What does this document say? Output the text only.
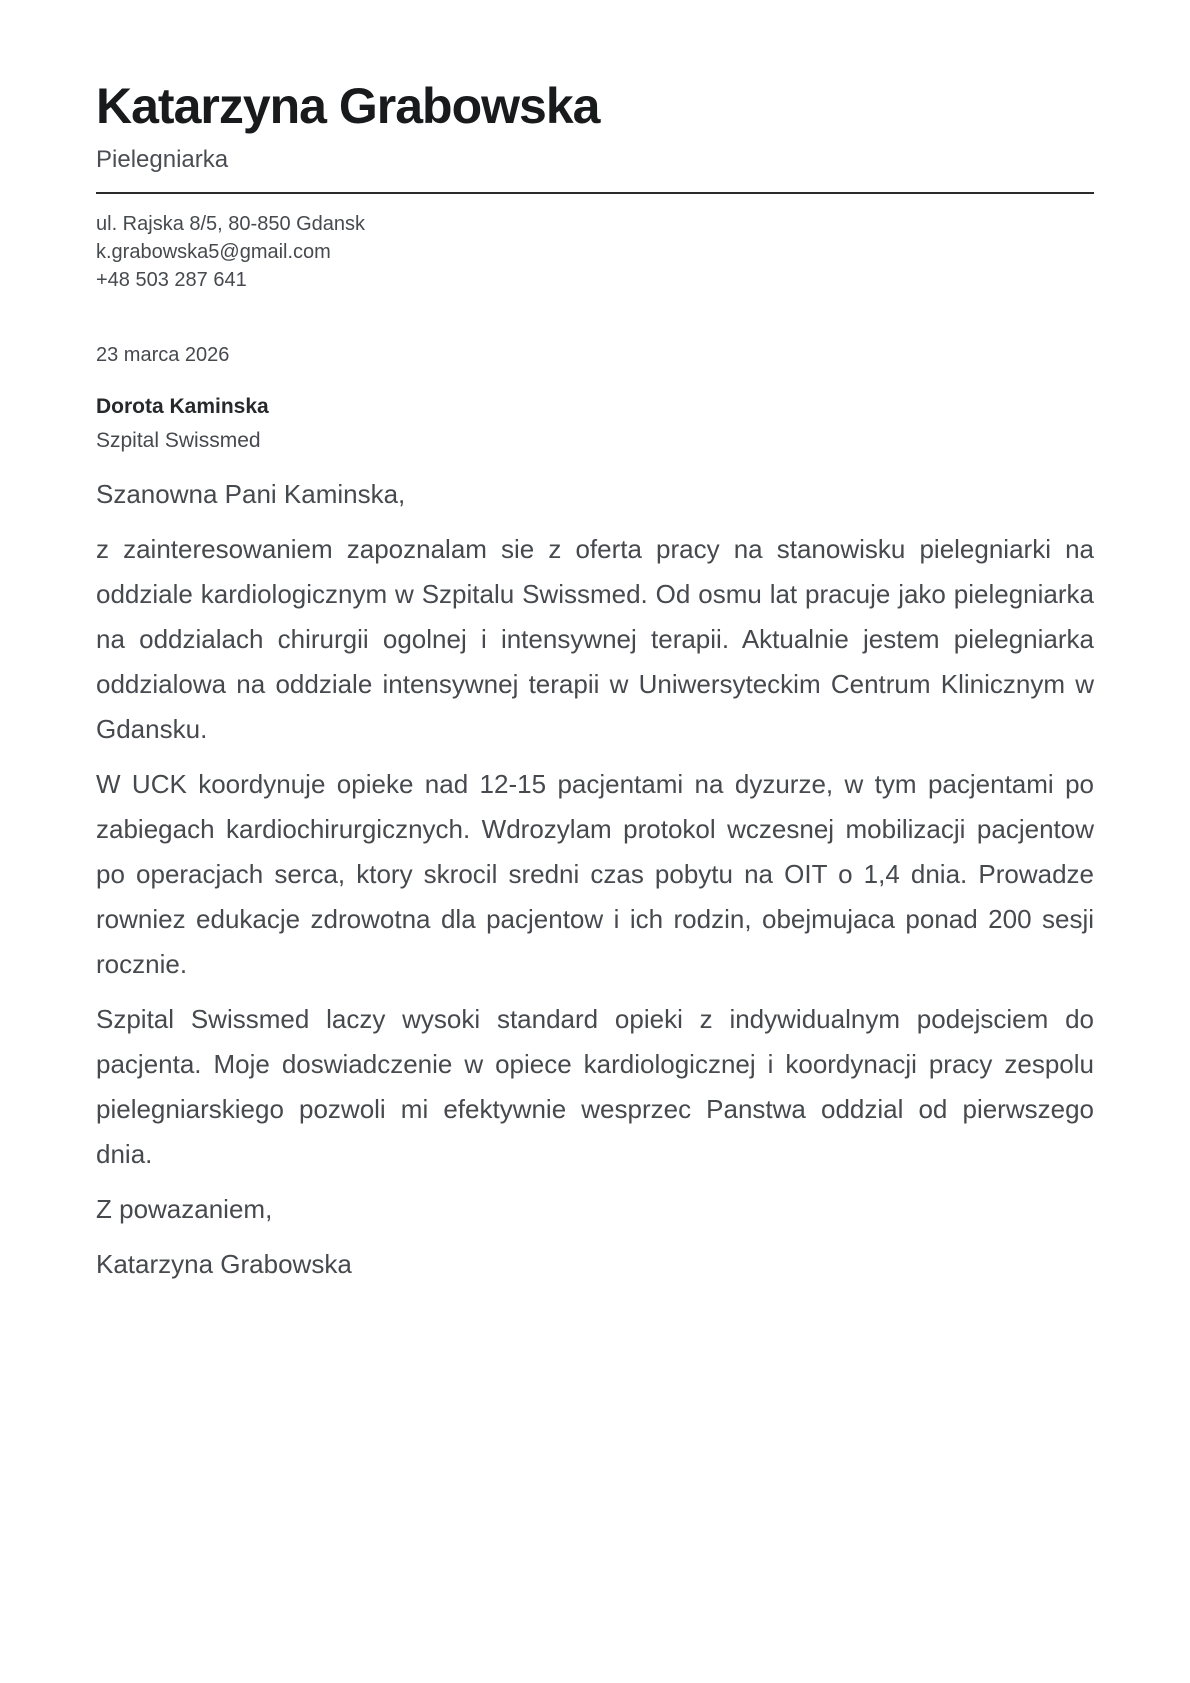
Katarzyna Grabowska
Pielegniarka
ul. Rajska 8/5, 80-850 Gdansk
k.grabowska5@gmail.com
+48 503 287 641
23 marca 2026
Dorota Kaminska
Szpital Swissmed

Szanowna Pani Kaminska,

z zainteresowaniem zapoznalam sie z oferta pracy na stanowisku pielegniarki na oddziale kardiologicznym w Szpitalu Swissmed. Od osmu lat pracuje jako pielegniarka na oddzialach chirurgii ogolnej i intensywnej terapii. Aktualnie jestem pielegniarka oddzialowa na oddziale intensywnej terapii w Uniwersyteckim Centrum Klinicznym w Gdansku.

W UCK koordynuje opieke nad 12-15 pacjentami na dyzurze, w tym pacjentami po zabiegach kardiochirurgicznych. Wdrozylam protokol wczesnej mobilizacji pacjentow po operacjach serca, ktory skrocil sredni czas pobytu na OIT o 1,4 dnia. Prowadze rowniez edukacje zdrowotna dla pacjentow i ich rodzin, obejmujaca ponad 200 sesji rocznie.

Szpital Swissmed laczy wysoki standard opieki z indywidualnym podejsciem do pacjenta. Moje doswiadczenie w opiece kardiologicznej i koordynacji pracy zespolu pielegniarskiego pozwoli mi efektywnie wesprzec Panstwa oddzial od pierwszego dnia.

Z powazaniem,

Katarzyna Grabowska
